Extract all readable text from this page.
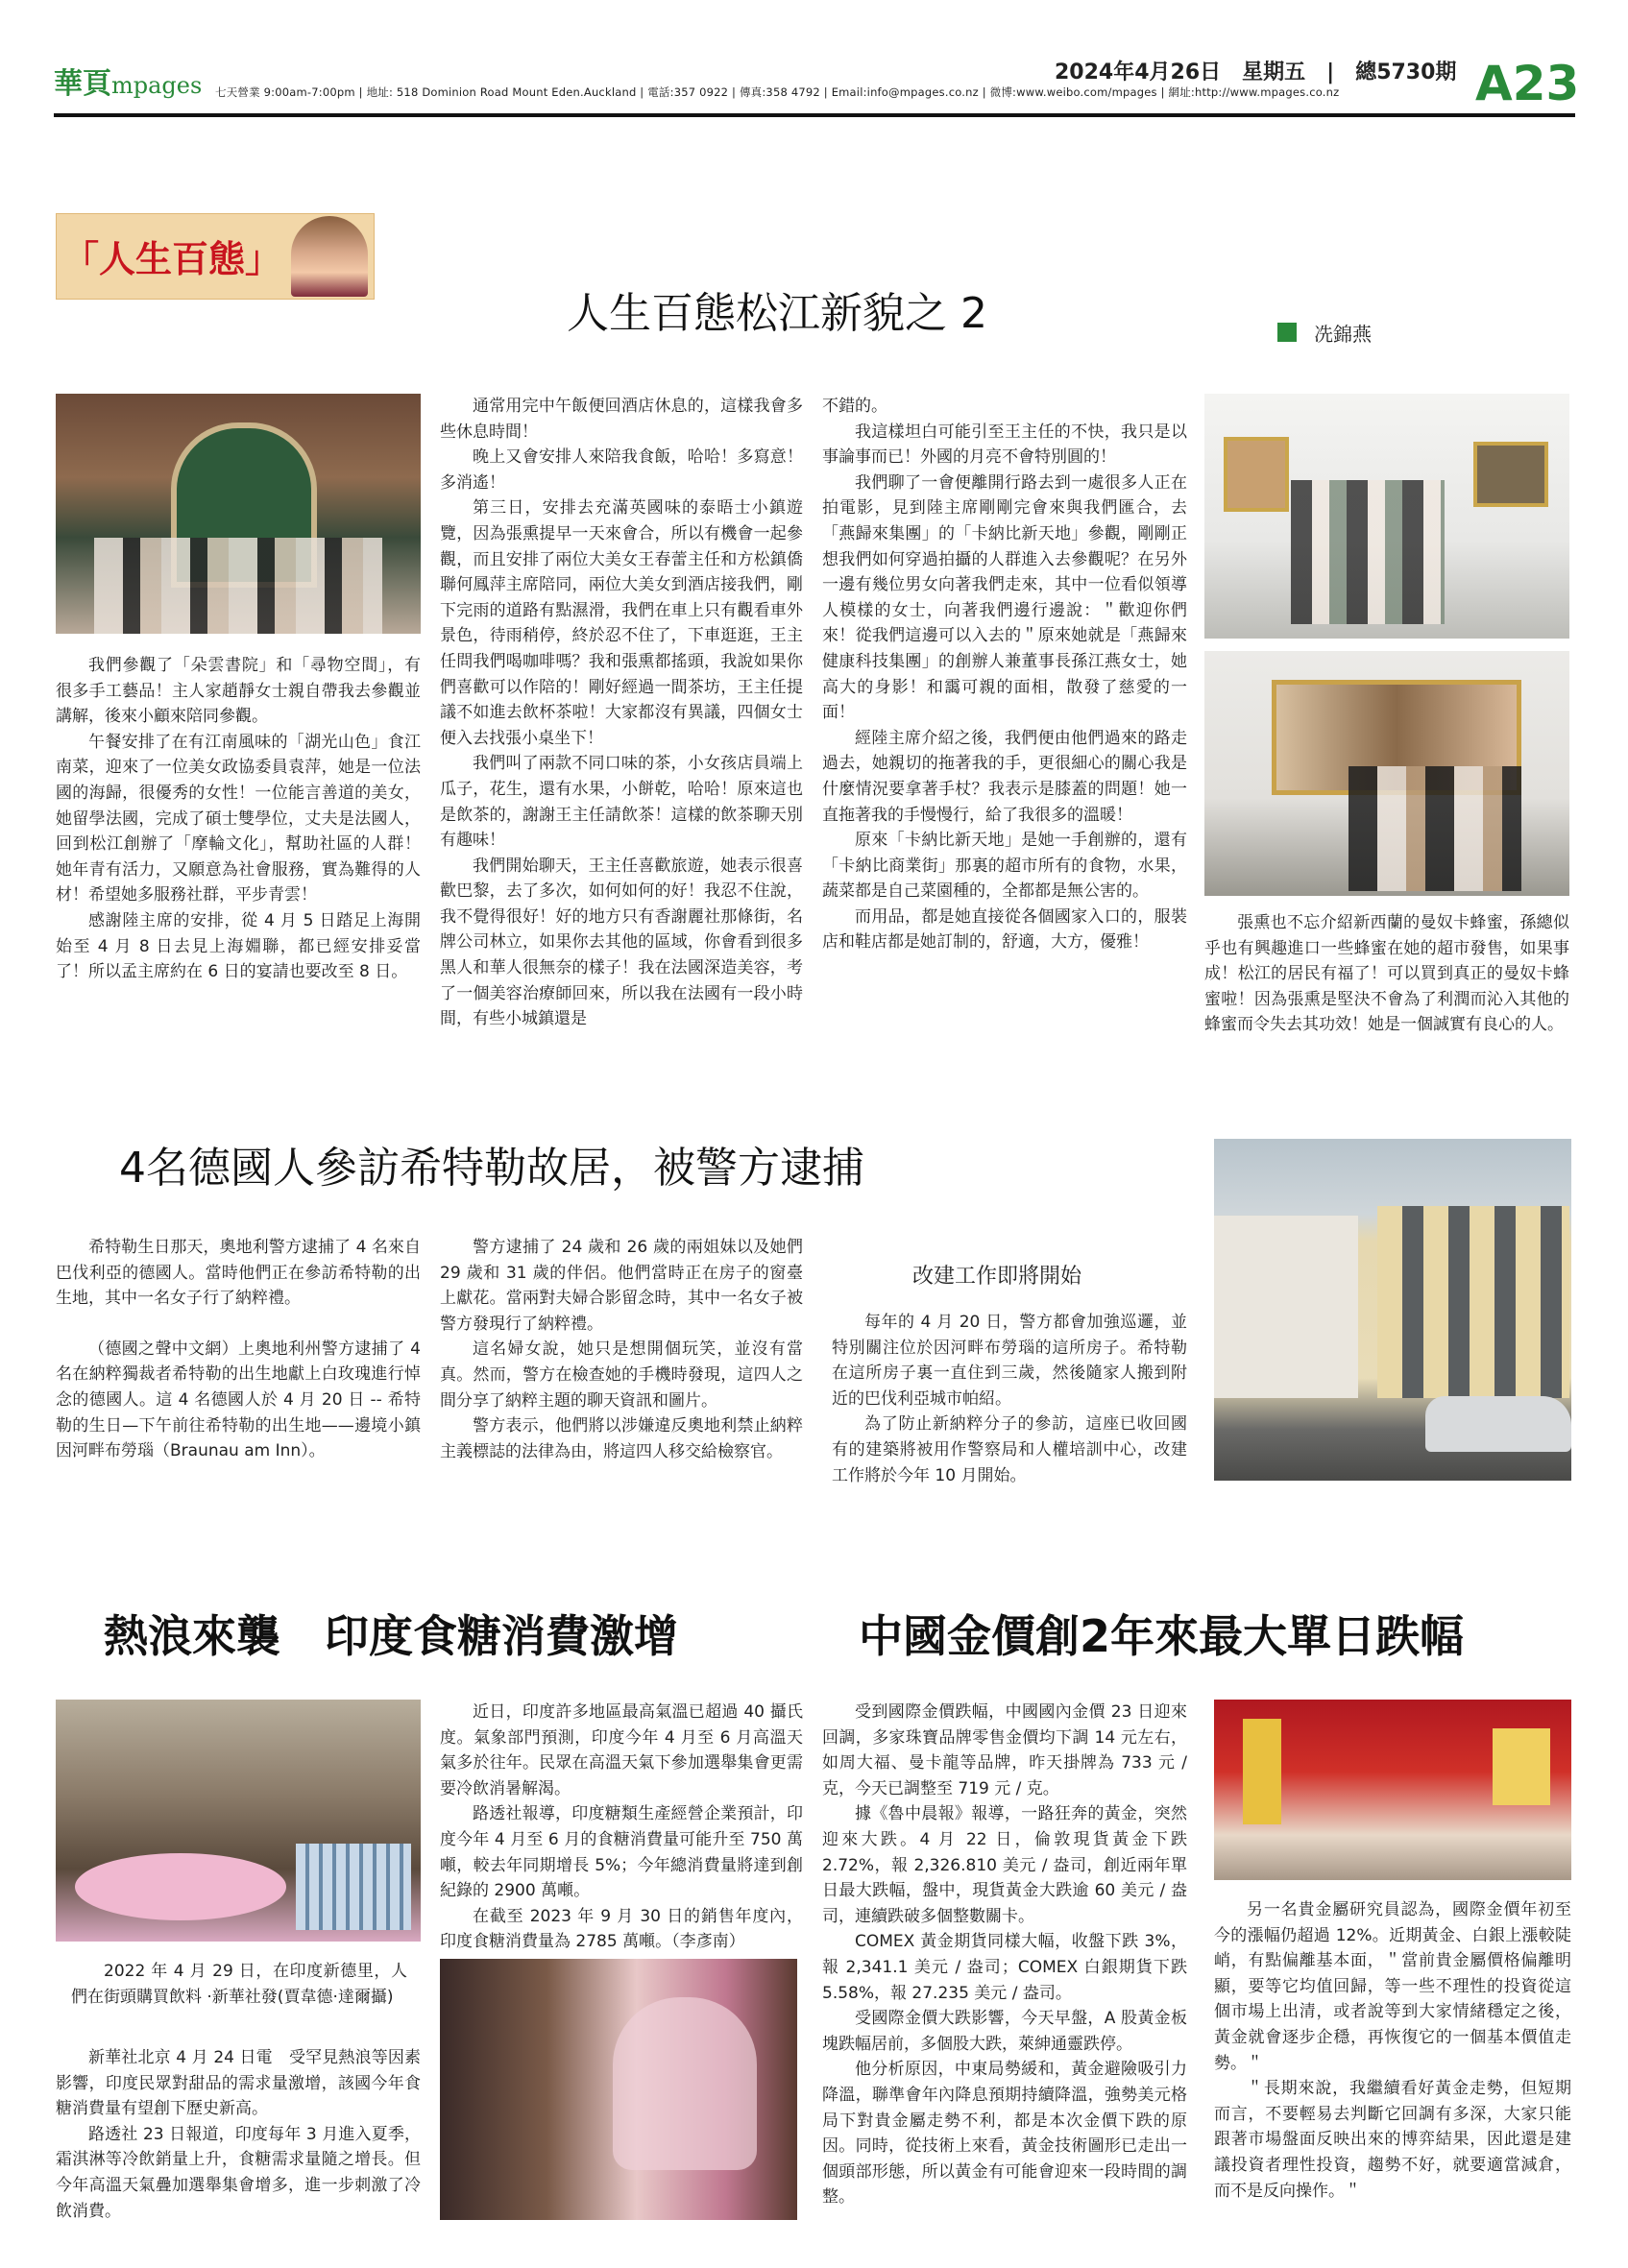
華頁mpages	七天營業 9:00am-7:00pm | 地址: 518 Dominion Road Mount Eden.Auckland | 電話:357 0922 | 傳真:358 4792 | Email:info@mpages.co.nz | 微博:www.weibo.com/mpages | 網址:http://www.mpages.co.nz
2024年4月26日　星期五　|　總5730期 A23
「人生百態」
人生百態松江新貌之 2	冼錦燕

我們參觀了「朵雲書院」和「尋物空間」，有很多手工藝品！主人家趙靜女士親自帶我去參觀並講解，後來小顧來陪同參觀。

午餐安排了在有江南風味的「湖光山色」食江南菜，迎來了一位美女政協委員袁萍，她是一位法國的海歸，很優秀的女性！一位能言善道的美女，她留學法國，完成了碩士雙學位，丈夫是法國人，回到松江創辦了「摩輪文化」，幫助社區的人群！她年青有活力，又願意為社會服務，實為難得的人材！希望她多服務社群，平步青雲！

感謝陸主席的安排，從 4 月 5 日踏足上海開始至 4 月 8 日去見上海婣聯，都已經安排妥當了！所以孟主席約在 6 日的宴請也要改至 8 日。

通常用完中午飯便回酒店休息的，這樣我會多些休息時間！

晚上又會安排人來陪我食飯，哈哈！多寫意！多消遙！

第三日，安排去充滿英國味的泰晤士小鎮遊覽，因為張熏提早一天來會合，所以有機會一起參觀，而且安排了兩位大美女王春蕾主任和方松鎮僑聯何鳳萍主席陪同，兩位大美女到酒店接我們，剛下完雨的道路有點濕滑，我們在車上只有觀看車外景色，待雨稍停，終於忍不住了，下車逛逛，王主任問我們喝咖啡嗎？我和張熏都搖頭，我說如果你們喜歡可以作陪的！剛好經過一間茶坊，王主任提議不如進去飲杯茶啦！大家都沒有異議，四個女士便入去找張小桌坐下！

我們叫了兩款不同口味的茶，小女孩店員端上瓜子，花生，還有水果，小餅乾，哈哈！原來這也是飲茶的，謝謝王主任請飲茶！這樣的飲茶聊天別有趣味！

我們開始聊天，王主任喜歡旅遊，她表示很喜歡巴黎，去了多次，如何如何的好！我忍不住說，我不覺得很好！好的地方只有香謝麗社那條街，名牌公司林立，如果你去其他的區域，你會看到很多黑人和華人很無奈的樣子！我在法國深造美容，考了一個美容治療師回來，所以我在法國有一段小時間，有些小城鎮還是

不錯的。

我這樣坦白可能引至王主任的不快，我只是以事論事而已！外國的月亮不會特別圓的！

我們聊了一會便離開行路去到一處很多人正在拍電影，見到陸主席剛剛完會來與我們匯合，去「燕歸來集團」的「卡納比新天地」參觀，剛剛正想我們如何穿過拍攝的人群進入去參觀呢？在另外一邊有幾位男女向著我們走來，其中一位看似領導人模樣的女士，向著我們邊行邊說：＂歡迎你們來！從我們這邊可以入去的＂原來她就是「燕歸來健康科技集團」的創辦人兼董事長孫江燕女士，她高大的身影！和靄可親的面相，散發了慈愛的一面！

經陸主席介紹之後，我們便由他們過來的路走過去，她親切的拖著我的手，更很細心的關心我是什麼情況要拿著手杖？我表示是膝蓋的問題！她一直拖著我的手慢慢行，給了我很多的溫暖！

原來「卡納比新天地」是她一手創辦的，還有「卡納比商業街」那裏的超市所有的食物，水果，蔬菜都是自己菜園種的，全都都是無公害的。

而用品，都是她直接從各個國家入口的，服裝店和鞋店都是她訂制的，舒適，大方，優雅！

張熏也不忘介紹新西蘭的曼奴卡蜂蜜，孫總似乎也有興趣進口一些蜂蜜在她的超市發售，如果事成！松江的居民有福了！可以買到真正的曼奴卡蜂蜜啦！因為張熏是堅決不會為了利潤而沁入其他的蜂蜜而令失去其功效！她是一個誠實有良心的人。

4名德國人參訪希特勒故居，被警方逮捕

希特勒生日那天，奧地利警方逮捕了 4 名來自巴伐利亞的德國人。當時他們正在參訪希特勒的出生地，其中一名女子行了納粹禮。

（德國之聲中文網）上奧地利州警方逮捕了 4 名在納粹獨裁者希特勒的出生地獻上白玫瑰進行悼念的德國人。這 4 名德國人於 4 月 20 日 -- 希特勒的生日—下午前往希特勒的出生地——邊境小鎮因河畔布勞瑙（Braunau am Inn）。

警方逮捕了 24 歲和 26 歲的兩姐妹以及她們 29 歲和 31 歲的伴侶。他們當時正在房子的窗臺上獻花。當兩對夫婦合影留念時，其中一名女子被警方發現行了納粹禮。

這名婦女說，她只是想開個玩笑，並沒有當真。然而，警方在檢查她的手機時發現，這四人之間分享了納粹主題的聊天資訊和圖片。

警方表示，他們將以涉嫌違反奧地利禁止納粹主義標誌的法律為由，將這四人移交給檢察官。

改建工作即將開始

每年的 4 月 20 日，警方都會加強巡邏，並特別關注位於因河畔布勞瑙的這所房子。希特勒在這所房子裏一直住到三歲，然後隨家人搬到附近的巴伐利亞城市帕紹。

為了防止新納粹分子的參訪，這座已收回國有的建築將被用作警察局和人權培訓中心，改建工作將於今年 10 月開始。

熱浪來襲　印度食糖消費激增

2022 年 4 月 29 日，在印度新德里，人們在街頭購買飲料 ·新華社發(賈韋德·達爾攝)

新華社北京 4 月 24 日電　受罕見熱浪等因素影響，印度民眾對甜品的需求量激增，該國今年食糖消費量有望創下歷史新高。

路透社 23 日報道，印度每年 3 月進入夏季，霜淇淋等冷飲銷量上升，食糖需求量隨之增長。但今年高溫天氣疊加選舉集會增多，進一步刺激了冷飲消費。

近日，印度許多地區最高氣溫已超過 40 攝氏度。氣象部門預測，印度今年 4 月至 6 月高溫天氣多於往年。民眾在高溫天氣下參加選舉集會更需要冷飲消暑解渴。

路透社報導，印度糖類生產經營企業預計，印度今年 4 月至 6 月的食糖消費量可能升至 750 萬噸，較去年同期增長 5%；今年總消費量將達到創紀錄的 2900 萬噸。

在截至 2023 年 9 月 30 日的銷售年度內，印度食糖消費量為 2785 萬噸。（李彥南）

中國金價創2年來最大單日跌幅

受到國際金價跌幅，中國國內金價 23 日迎來回調，多家珠寶品牌零售金價均下調 14 元左右，如周大福、曼卡龍等品牌，昨天掛牌為 733 元 / 克，今天已調整至 719 元 / 克。

據《魯中晨報》報導，一路狂奔的黃金，突然迎來大跌。4 月 22 日，倫敦現貨黃金下跌 2.72%，報 2,326.810 美元 / 盎司，創近兩年單日最大跌幅，盤中，現貨黃金大跌逾 60 美元 / 盎司，連續跌破多個整數關卡。

COMEX 黃金期貨同樣大幅，收盤下跌 3%，報 2,341.1 美元 / 盎司；COMEX 白銀期貨下跌 5.58%，報 27.235 美元 / 盎司。

受國際金價大跌影響，今天早盤，A 股黃金板塊跌幅居前，多個股大跌，萊紳通靈跌停。

他分析原因，中東局勢緩和，黃金避險吸引力降溫，聯準會年內降息預期持續降溫，強勢美元格局下對貴金屬走勢不利，都是本次金價下跌的原因。同時，從技術上來看，黃金技術圖形已走出一個頭部形態，所以黃金有可能會迎來一段時間的調整。

另一名貴金屬研究員認為，國際金價年初至今的漲幅仍超過 12%。近期黃金、白銀上漲較陡峭，有點偏離基本面，＂當前貴金屬價格偏離明顯，要等它均值回歸，等一些不理性的投資從這個市場上出清，或者說等到大家情緒穩定之後，黃金就會逐步企穩，再恢復它的一個基本價值走勢。＂

＂長期來說，我繼續看好黃金走勢，但短期而言，不要輕易去判斷它回調有多深，大家只能跟著市場盤面反映出來的博弈結果，因此還是建議投資者理性投資，趨勢不好，就要適當減倉，而不是反向操作。＂
